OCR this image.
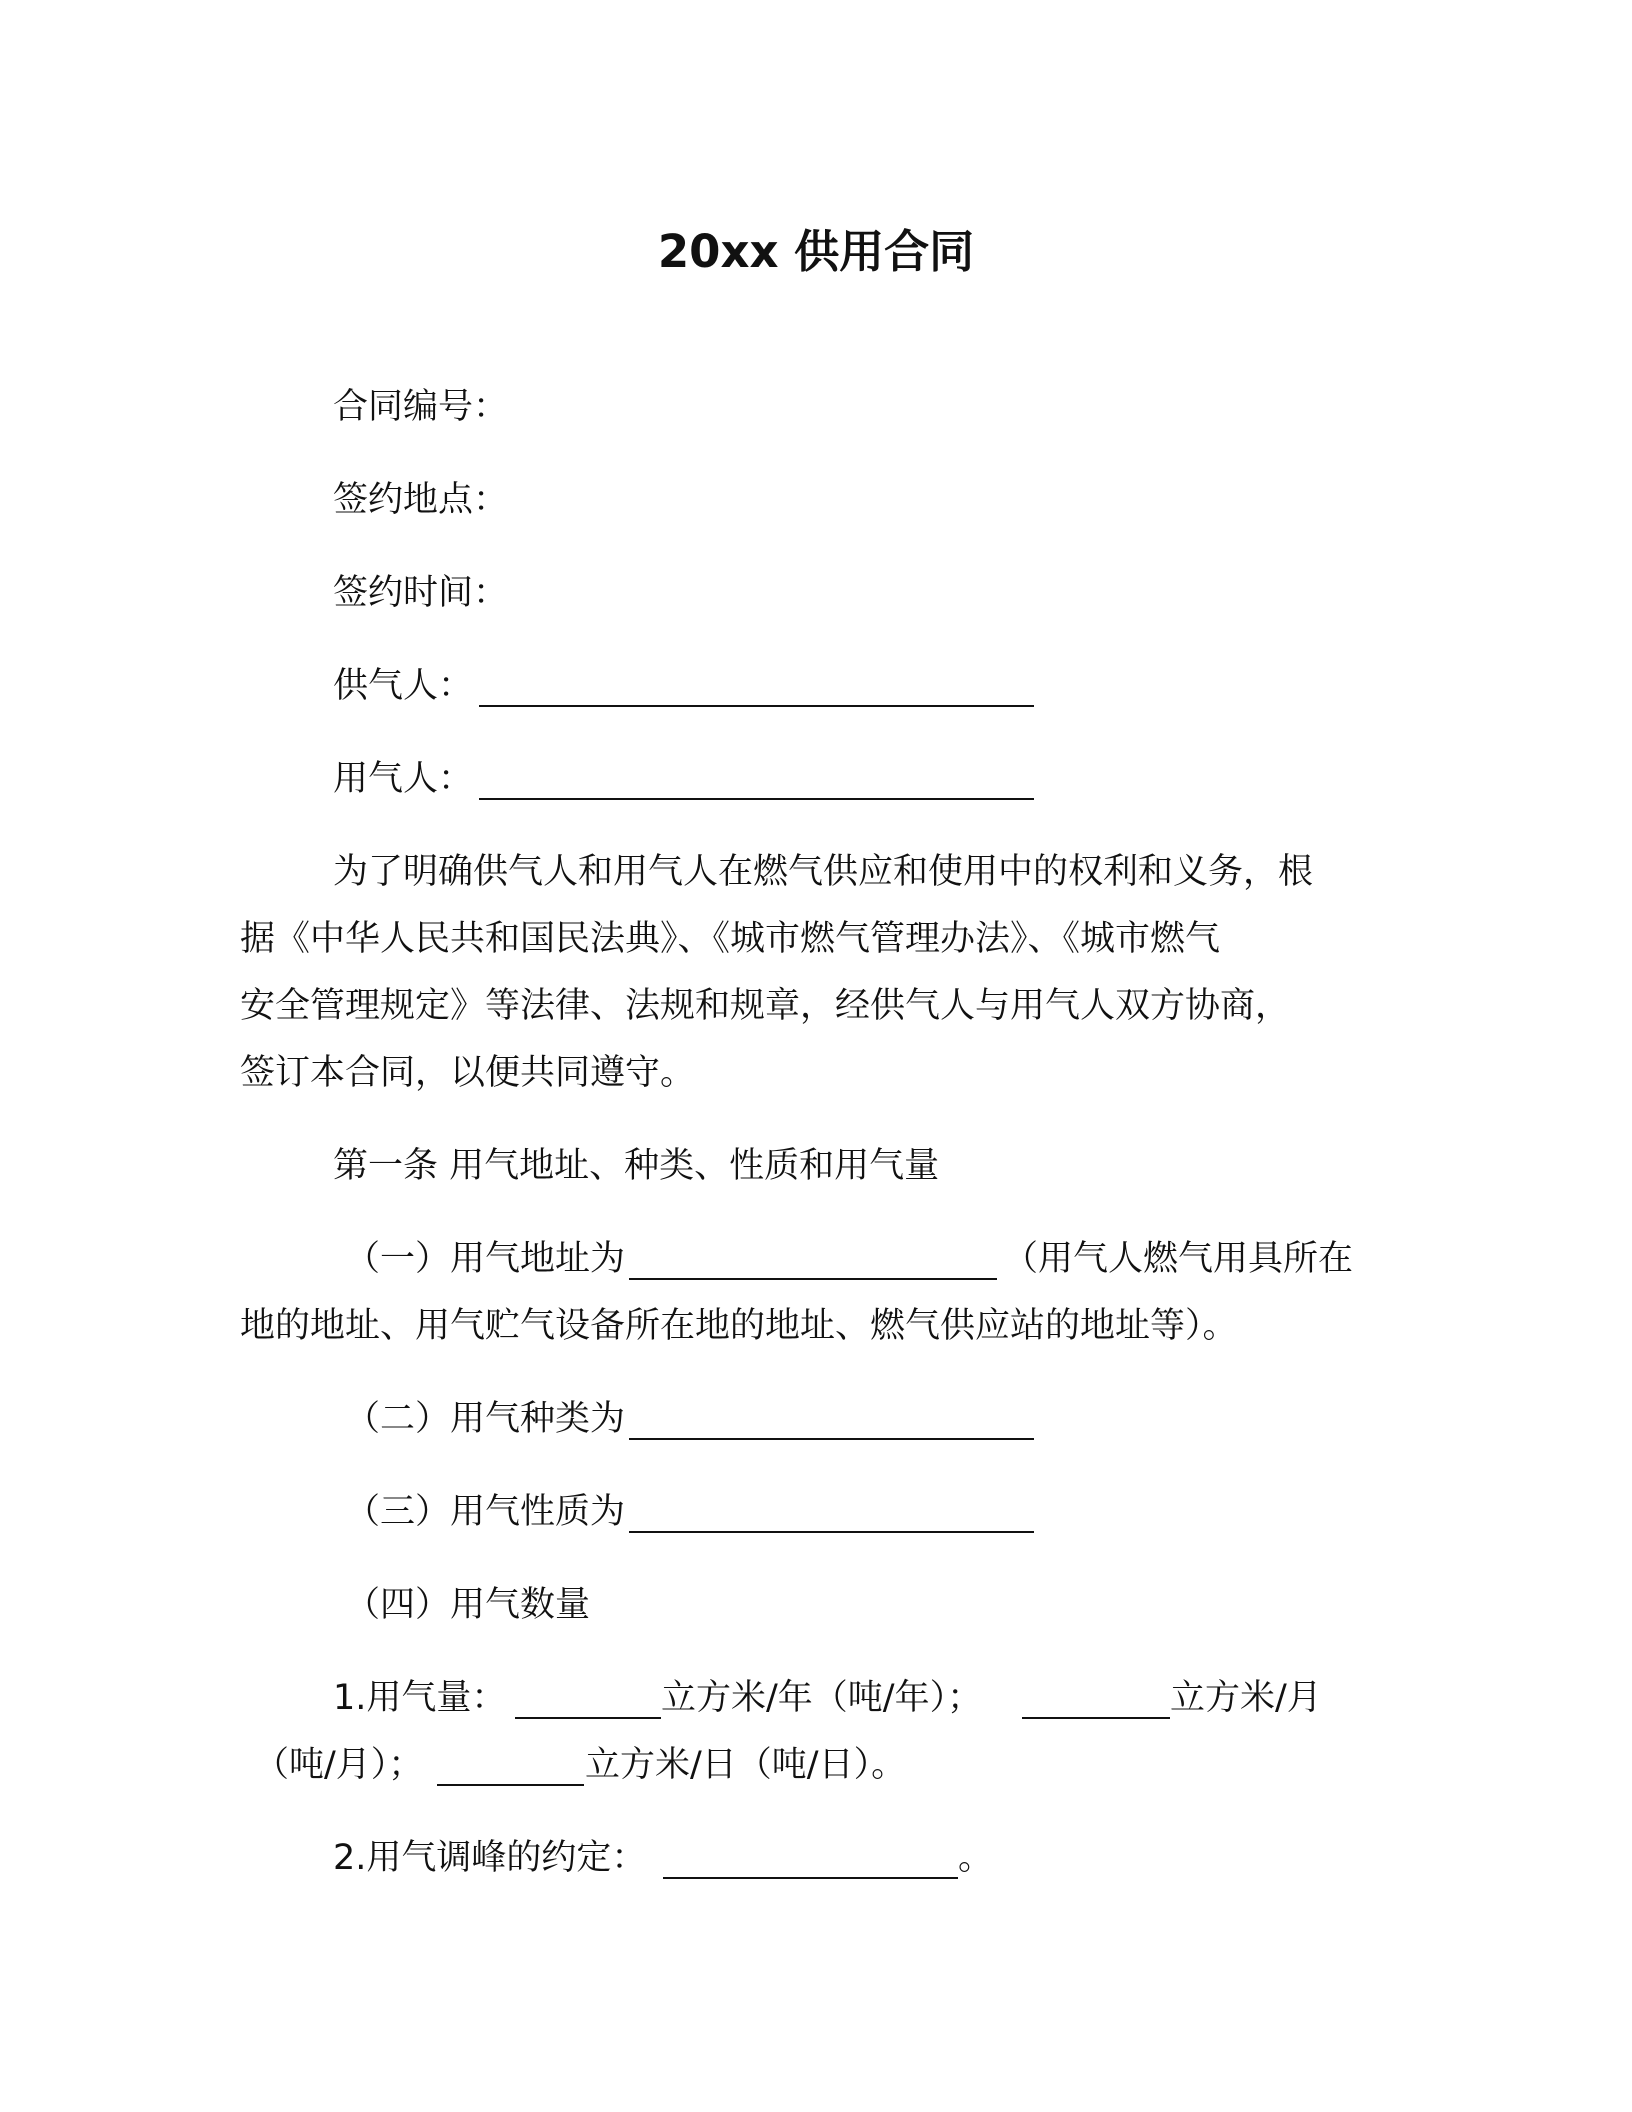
20xx 供用合同
合同编号：
签约地点：
签约时间：
供气人：
用气人：
为了明确供气人和用气人在燃气供应和使用中的权利和义务，根
据《中华人民共和国民法典》、《城市燃气管理办法》、《城市燃气
安全管理规定》等法律、法规和规章，经供气人与用气人双方协商，
签订本合同，以便共同遵守。
第一条 用气地址、种类、性质和用气量
（一）用气地址为	（用气人燃气用具所在
地的地址、用气贮气设备所在地的地址、燃气供应站的地址等）。
（二）用气种类为
（三）用气性质为
（四）用气数量
1.用气量：	立方米/年（吨/年）；	立方米/月
（吨/月）；	立方米/日（吨/日）。
2.用气调峰的约定：	。
